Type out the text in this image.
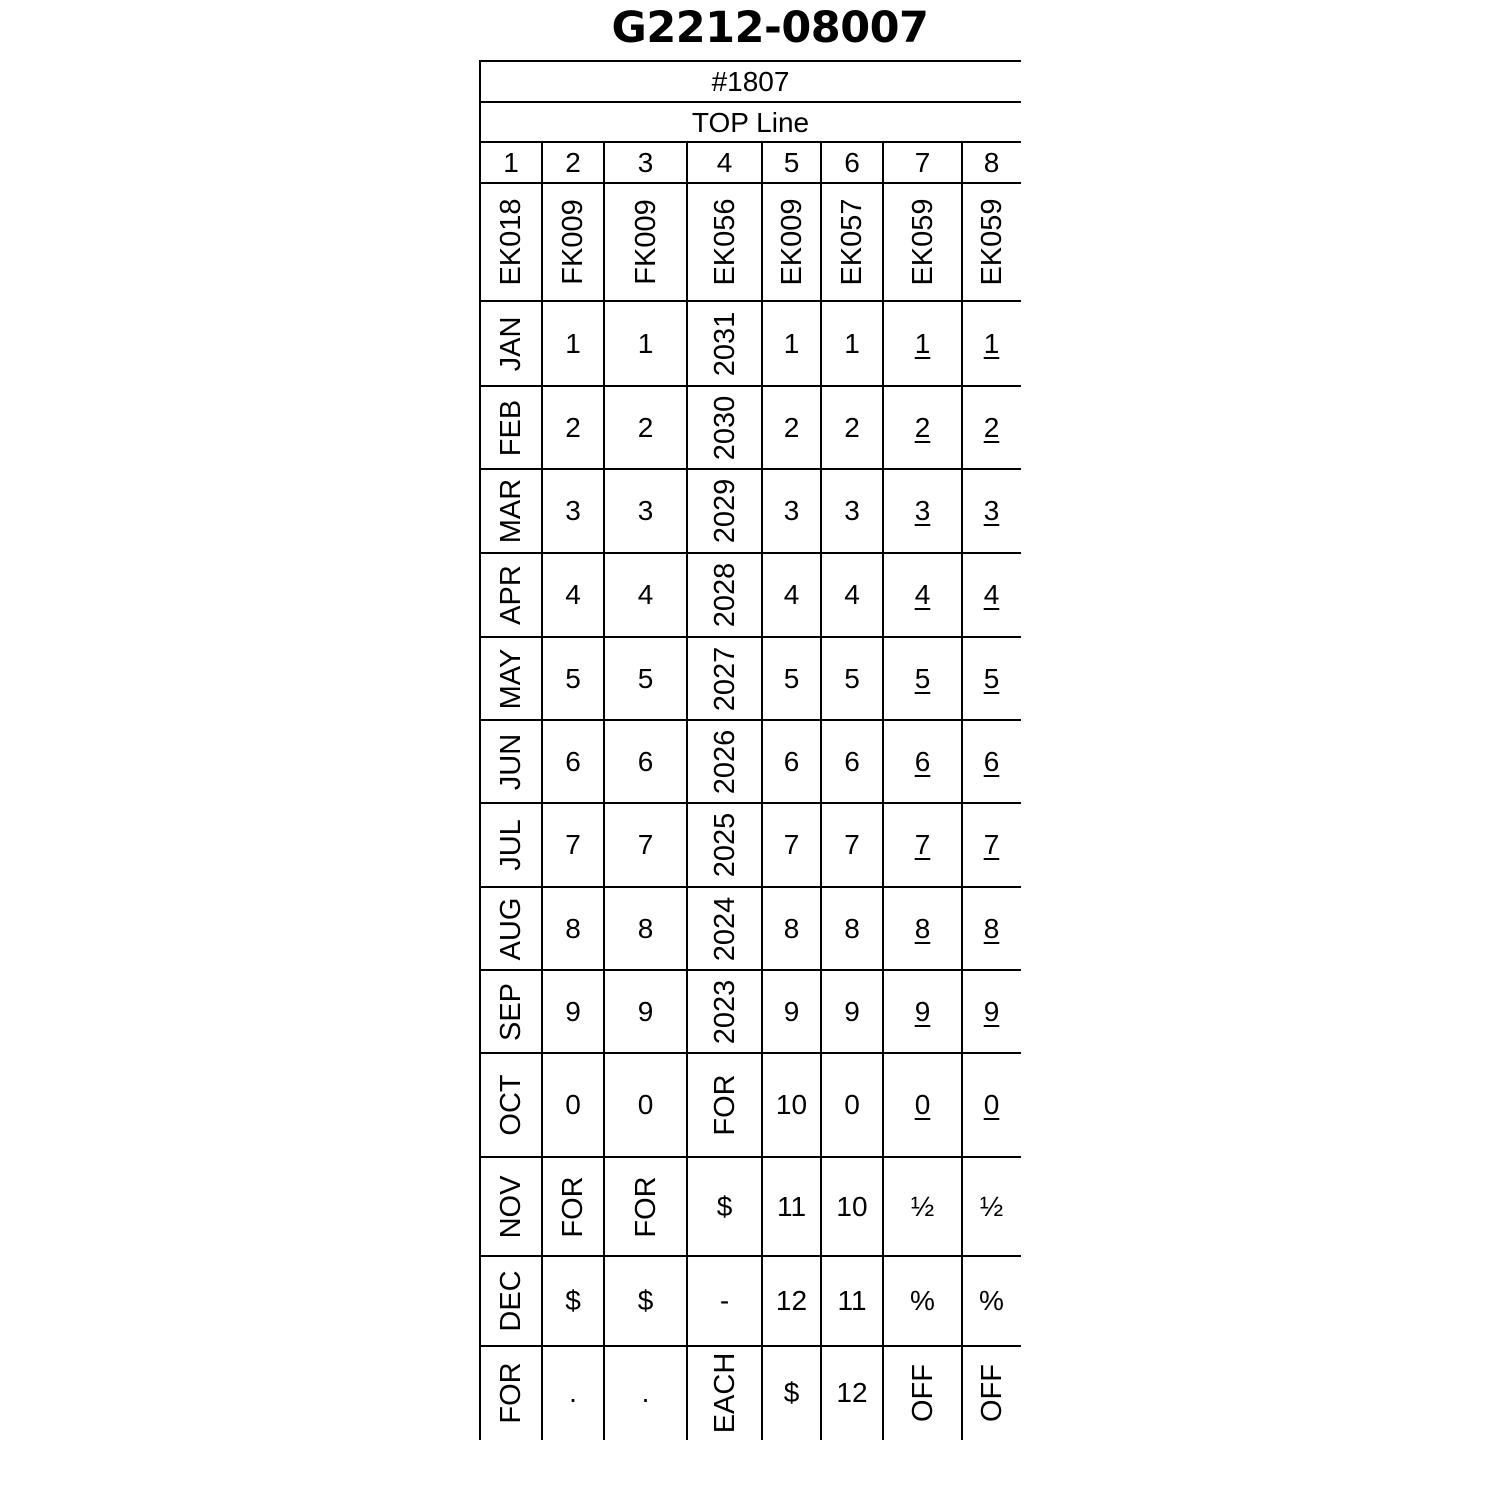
G2212-08007
#1807
TOP Line
1	2	3	4	5	6	7	8
EK018 FK009 FK009 EK056 EK009 EK057 EK059 EK059
JAN 1 1 2031 1 1 1 1
FEB 2 2 2030 2 2 2 2
MAR 3 3 2029 3 3 3 3
APR 4 4 2028 4 4 4 4
MAY 5 5 2027 5 5 5 5
JUN 6 6 2026 6 6 6 6
JUL 7 7 2025 7 7 7 7
AUG 8 8 2024 8 8 8 8
SEP 9 9 2023 9 9 9 9
OCT 0 0 FOR 10 0 0 0
NOV FOR FOR $ 11 10 ½ ½
DEC $ $ - 12 11 % %
FOR . . EACH $ 12 OFF OFF
